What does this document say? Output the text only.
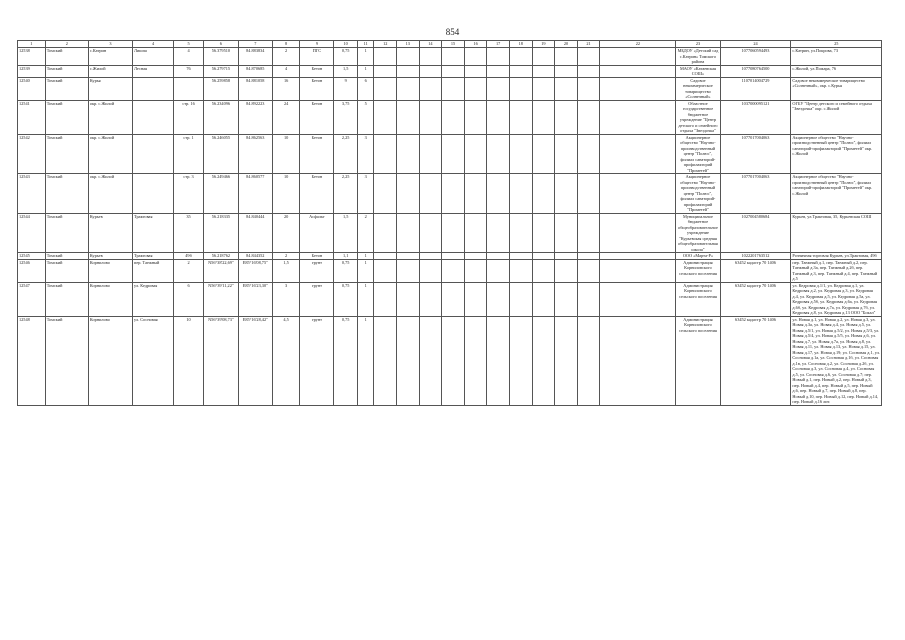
854
1	2	3	4	5	6	7	8	9	10	11	12	13	14	15	16	17	18	19	20	21	22	23	24	25
12538	Томский	с.Катрин	Лишпа	4	56.379510	84.883834	2	ПГС	0,75	1												МБДОУ «Детский сад с.Катрин» Томского района	1077060594493	с.Катрин, ул.Покрова, 73
12539	Томский	с.Жилой	Лесная	76	56.279715	84.870685	4	Бетон	1,5	1												МАОУ «Катаевская СОШ»	1077080764500	с.Жилой, ул.Пожара, 76
12540	Томский	Курья			56.259858	84.881058	16	Бетон	9	6												Садовое некоммерческое товарищество «Солнечный»	1107014004729	Садовое некоммерческое товарищество «Солнечный», окр. с.Курья
12541	Томский	окр. с.Жилой		стр. 16	56.234096	84.892223	24	Бетон	3,75	5												Областное государственное бюджетное учреждение "Центр детского и семейного отдыха "Звездочка"	1037000095121	ОГБУ "Центр детского и семейного отдыха "Звездочка" окр. с.Жилой
12542	Томский	окр. с.Жилой		стр. 1	56.246055	84.862563	10	Бетон	2,25	3												Акционерное общество "Научно-производственный центр "Полюс", филиал санаторий-профилакторий "Прометей"	1077017004063	Акционерное общество "Научно-производственный центр "Полюс", филиал санаторий-профилакторий "Прометей" окр. с.Жилой
12543	Томский	окр. с.Жилой		стр. 3	56.249466	84.860577	10	Бетон	2,25	3												Акционерное общество "Научно-производственный центр "Полюс", филиал санаторий-профилакторий "Прометей"	1077017004063	Акционерное общество "Научно-производственный центр "Полюс", филиал санаторий-профилакторий "Прометей" окр. с.Жилой
12544	Томский	Курьев	Трактовая	35	56.218335	84.840444	20	Асфальт	1,5	2												Муниципальное бюджетное общеобразовательное учреждение "Курьевская средняя общеобразовательная школа"	1027004580684	Курьев, ул.Трактовая, 35, Курьевская СОШ
12545	Томский	Курьев	Трактовая	49б	56.218762	84.844352	2	Бетон	1,1	1												ООО «Марта-Р»	1022201763512	Розничная торговля Курьев, ул.Трактовая, 49б
12546	Томский	Корнилово	пер. Таежный	2	N56°38'22,69"	E85°16'08,75"	1,5	грунт	0,75	1												Администрация Корниловского сельского поселения	63452 кадастр 70 1406	пер. Таежный д.1, пер. Таежный д.2, пер. Таежный д.3а, пер. Таежный д.2б, пер. Таежный д.3, пер. Таежный д.4, пер. Таежный д.5
12547	Томский	Корнилово	ул. Кедровая	6	N56°39'11,22"	E85°16'23,30"	3	грунт	0,75	1												Администрация Корниловского сельского поселения	63452 кадастр 70 1406	ул. Кедровая д.1/1, ул. Кедровая д.1, ул. Кедровая д.2, ул. Кедровая д.3, ул. Кедровая д.4, ул. Кедровая д.5, ул. Кедровая д.5а, ул. Кедровая д.5б, ул. Кедровая д.6а, ул. Кедровая д.6б, ул. Кедровая д.7а, ул. Кедровая д.7б, ул. Кедровая д.8, ул. Кедровая д.13 ООО "Бокал"
12548	Томский	Корнилово	ул. Сосновая	10	N56°39'08,73"	E85°16'28,42"	4,5	грунт	0,75	1												Администрация Корниловского сельского поселения	63452 кадастр 70 1406	ул. Новая д.1, ул. Новая д.2, ул. Новая д.3, ул. Новая д.3а, ул. Новая д.4, ул. Новая д.5, ул. Новая д.5/1, ул. Новая д.5/2, ул. Новая д.5/3, ул. Новая д.5/4, ул. Новая д.5/5, ул. Новая д.6, ул. Новая д.7, ул. Новая д.7а, ул. Новая д.8, ул. Новая д.11, ул. Новая д.13, ул. Новая д.15, ул. Новая д.17, ул. Новая д.19; ул. Сосновая д.1, ул. Сосновая д.1а, ул. Сосновая д.1б, ул. Сосновая д.1в, ул. Сосновая д.2, ул. Сосновая д.2б, ул. Сосновая д.3, ул. Сосновая д.4, ул. Сосновая д.5, ул. Сосновая д.6, ул. Сосновая д.7; пер. Новый д.1, пер. Новый д.2, пер. Новый д.3, пер. Новый д.4, пер. Новый д.5, пер. Новый д.6, пер. Новый д.7, пер. Новый д.8, пер. Новый д.10, пер. Новый д.12, пер. Новый д.14, пер. Новый д.16 лит.
